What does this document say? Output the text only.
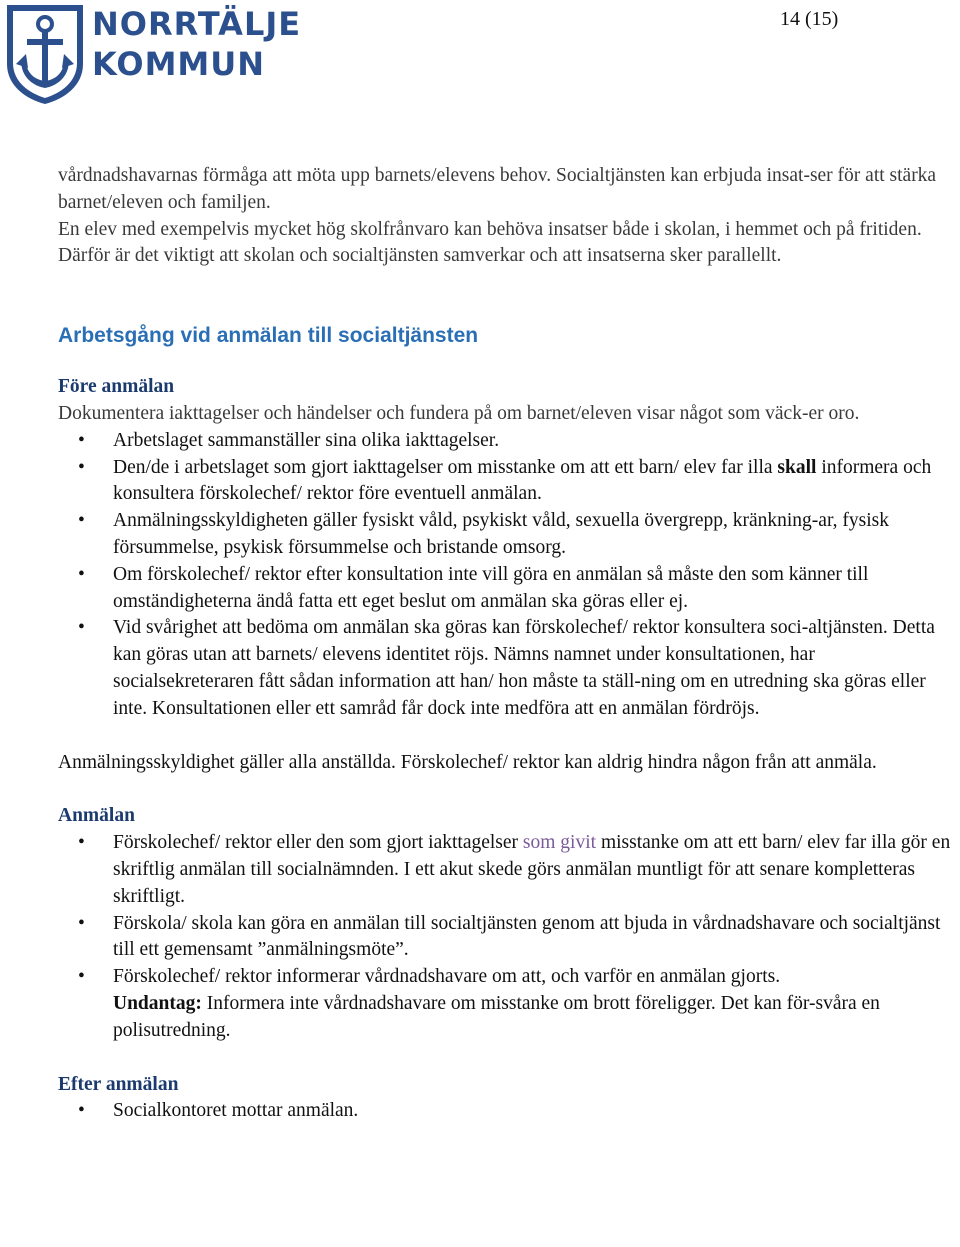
NORRTÄLJE
KOMMUN
14 (15)

vårdnadshavarnas förmåga att möta upp barnets/elevens behov. Socialtjänsten kan erbjuda insat-ser för att stärka barnet/eleven och familjen.

En elev med exempelvis mycket hög skolfrånvaro kan behöva insatser både i skolan, i hemmet och på fritiden. Därför är det viktigt att skolan och socialtjänsten samverkar och att insatserna sker parallellt.

Arbetsgång vid anmälan till socialtjänsten

Före anmälan

Dokumentera iakttagelser och händelser och fundera på om barnet/eleven visar något som väck-er oro.

• Arbetslaget sammanställer sina olika iakttagelser.
• Den/de i arbetslaget som gjort iakttagelser om misstanke om att ett barn/ elev far illa skall informera och konsultera förskolechef/ rektor före eventuell anmälan.
• Anmälningsskyldigheten gäller fysiskt våld, psykiskt våld, sexuella övergrepp, kränkning-ar, fysisk försummelse, psykisk försummelse och bristande omsorg.
• Om förskolechef/ rektor efter konsultation inte vill göra en anmälan så måste den som känner till omständigheterna ändå fatta ett eget beslut om anmälan ska göras eller ej.
• Vid svårighet att bedöma om anmälan ska göras kan förskolechef/ rektor konsultera soci-altjänsten. Detta kan göras utan att barnets/ elevens identitet röjs. Nämns namnet under konsultationen, har socialsekreteraren fått sådan information att han/ hon måste ta ställ-ning om en utredning ska göras eller inte. Konsultationen eller ett samråd får dock inte medföra att en anmälan fördröjs.

Anmälningsskyldighet gäller alla anställda. Förskolechef/ rektor kan aldrig hindra någon från att anmäla.

Anmälan

• Förskolechef/ rektor eller den som gjort iakttagelser som givit misstanke om att ett barn/ elev far illa gör en skriftlig anmälan till socialnämnden. I ett akut skede görs anmälan muntligt för att senare kompletteras skriftligt.
• Förskola/ skola kan göra en anmälan till socialtjänsten genom att bjuda in vårdnadshavare och socialtjänst till ett gemensamt ”anmälningsmöte”.
• Förskolechef/ rektor informerar vårdnadshavare om att, och varför en anmälan gjorts.
Undantag: Informera inte vårdnadshavare om misstanke om brott föreligger. Det kan för-svåra en polisutredning.

Efter anmälan

• Socialkontoret mottar anmälan.
